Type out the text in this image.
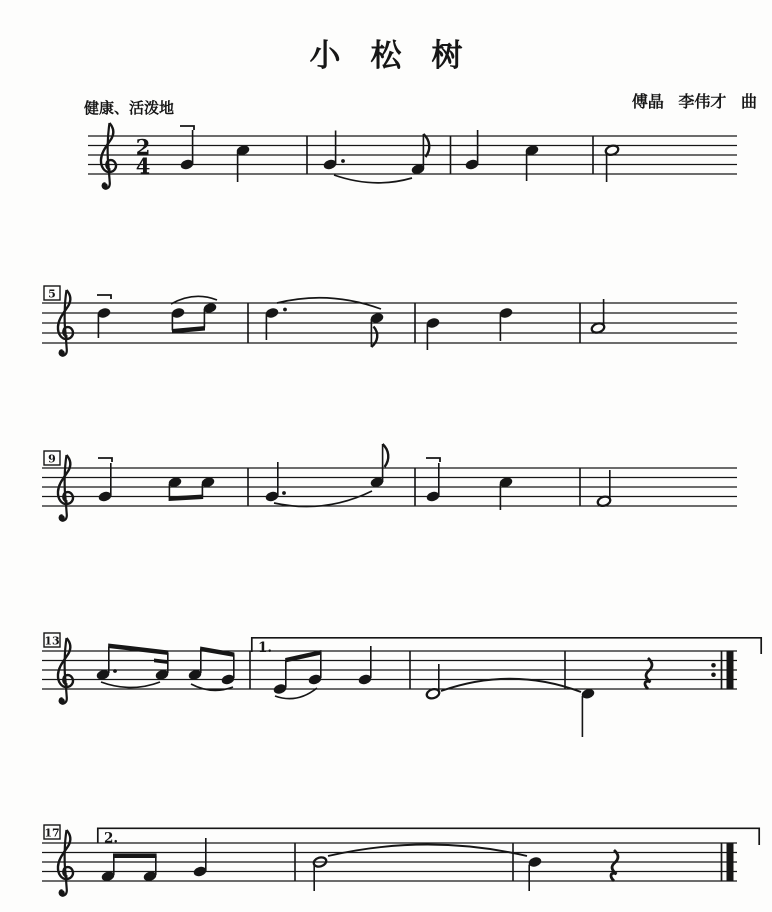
小松树
健康、活泼地	傅晶 李伟才 曲
2
4
5
9
13	1.
17	2.
